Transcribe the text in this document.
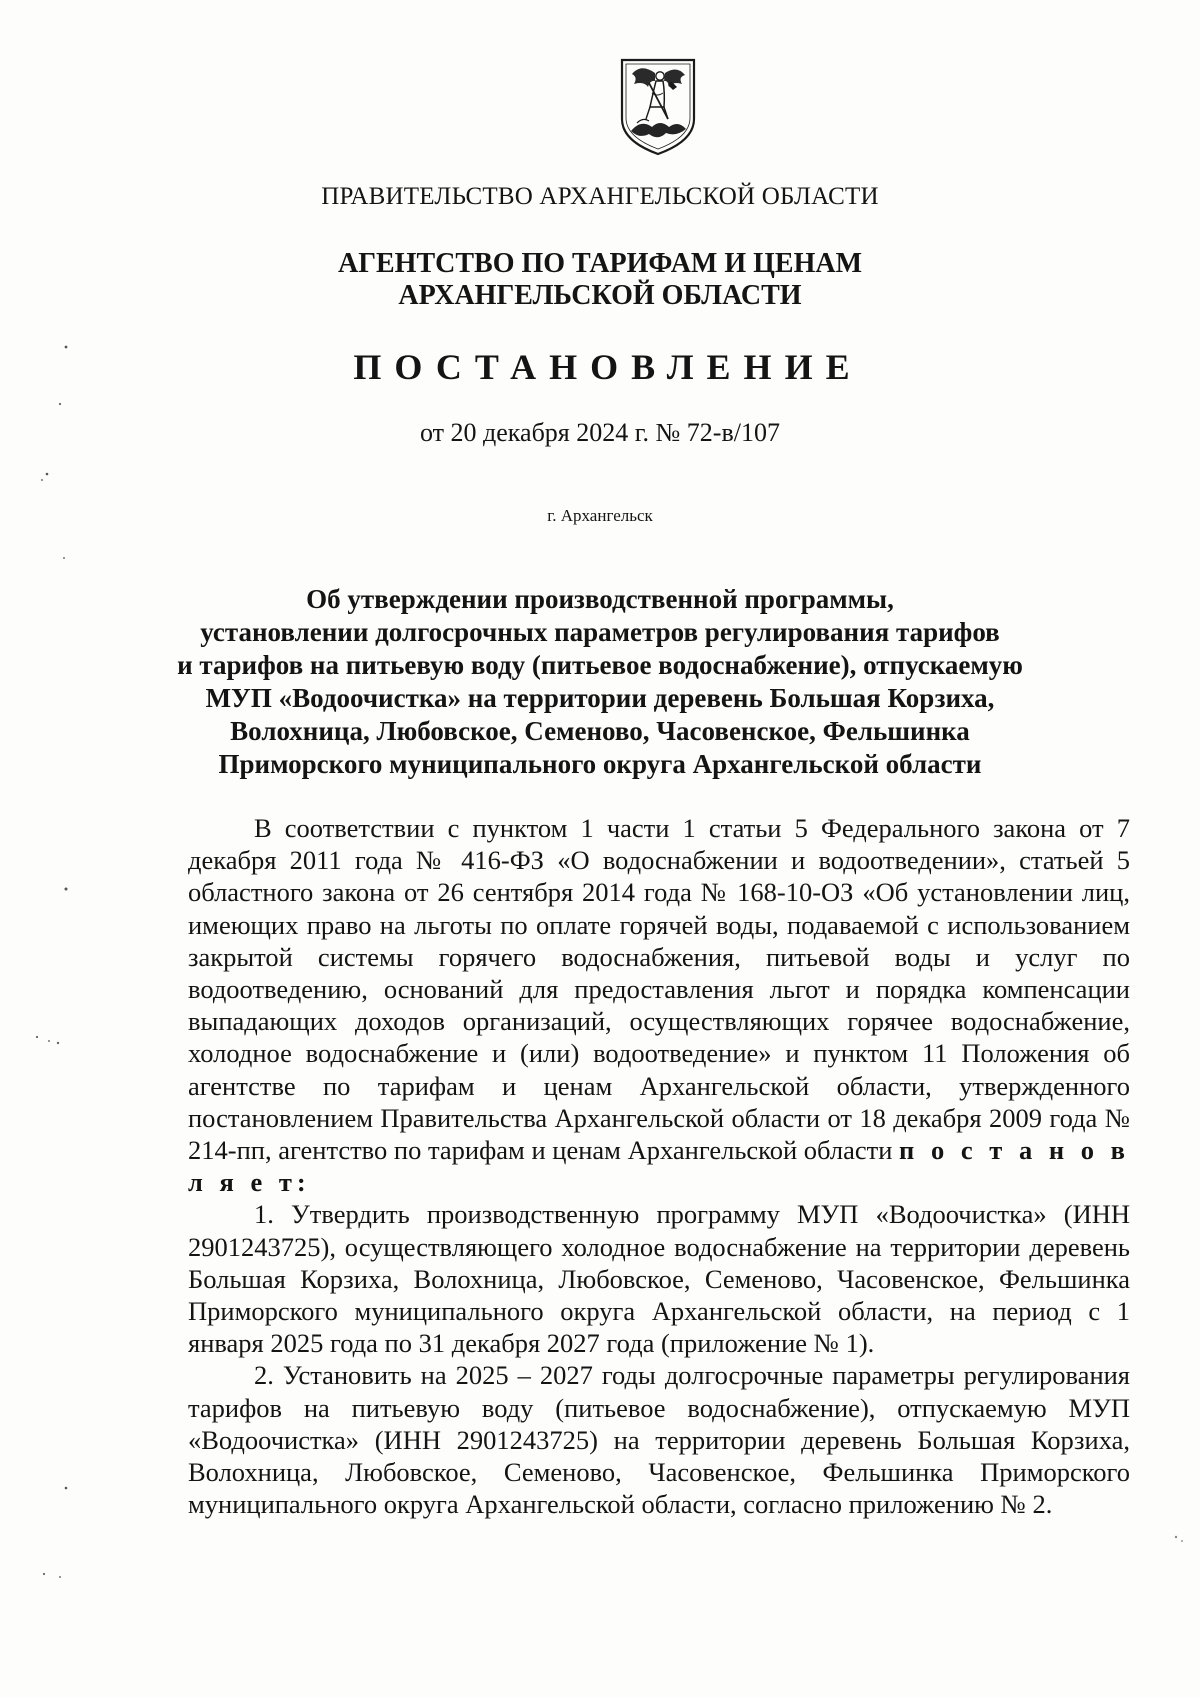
ПРАВИТЕЛЬСТВО АРХАНГЕЛЬСКОЙ ОБЛАСТИ
АГЕНТСТВО ПО ТАРИФАМ И ЦЕНАМ
АРХАНГЕЛЬСКОЙ ОБЛАСТИ
ПОСТАНОВЛЕНИЕ
от 20 декабря 2024 г. № 72-в/107
г. Архангельск
Об утверждении производственной программы,
установлении долгосрочных параметров регулирования тарифов
и тарифов на питьевую воду (питьевое водоснабжение), отпускаемую
МУП «Водоочистка» на территории деревень Большая Корзиха,
Волохница, Любовское, Семеново, Часовенское, Фельшинка
Приморского муниципального округа Архангельской области

В соответствии с пунктом 1 части 1 статьи 5 Федерального закона от 7 декабря 2011 года № 416-ФЗ «О водоснабжении и водоотведении», статьей 5 областного закона от 26 сентября 2014 года № 168-10-ОЗ «Об установлении лиц, имеющих право на льготы по оплате горячей воды, подаваемой с использованием закрытой системы горячего водоснабжения, питьевой воды и услуг по водоотведению, оснований для предоставления льгот и порядка компенсации выпадающих доходов организаций, осуществляющих горячее водоснабжение, холодное водоснабжение и (или) водоотведение» и пунктом 11 Положения об агентстве по тарифам и ценам Архангельской области, утвержденного постановлением Правительства Архангельской области от 18 декабря 2009 года № 214-пп, агентство по тарифам и ценам Архангельской области п о с т а н о в л я е т:

1. Утвердить производственную программу МУП «Водоочистка» (ИНН 2901243725), осуществляющего холодное водоснабжение на территории деревень Большая Корзиха, Волохница, Любовское, Семеново, Часовенское, Фельшинка Приморского муниципального округа Архангельской области, на период с 1 января 2025 года по 31 декабря 2027 года (приложение № 1).

2. Установить на 2025 – 2027 годы долгосрочные параметры регулирования тарифов на питьевую воду (питьевое водоснабжение), отпускаемую МУП «Водоочистка» (ИНН 2901243725) на территории деревень Большая Корзиха, Волохница, Любовское, Семеново, Часовенское, Фельшинка Приморского муниципального округа Архангельской области, согласно приложению № 2.
